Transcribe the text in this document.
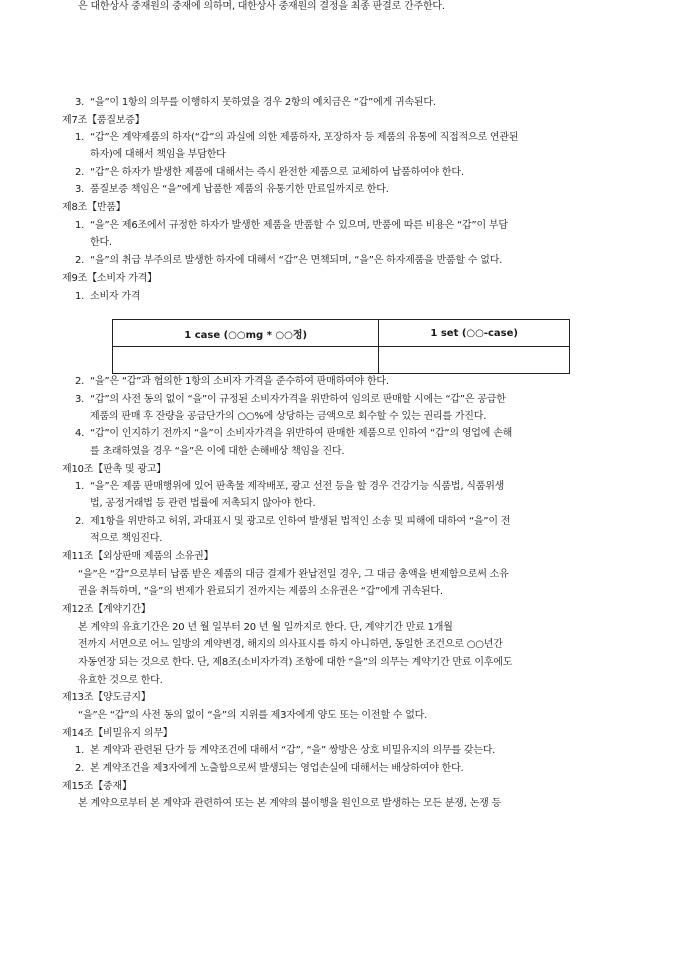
1 case (○○mg * ○○정)	1 set (○○-case)

3. “을”이 1항의 의무를 이행하지 못하였을 경우 2항의 예치금은 “갑”에게 귀속된다.
제7조【품질보증】
1. “갑”은 계약제품의 하자(“갑”의 과실에 의한 제품하자, 포장하자 등 제품의 유통에 직접적으로 연관된
하자)에 대해서 책임을 부담한다
2. “갑”은 하자가 발생한 제품에 대해서는 즉시 완전한 제품으로 교체하여 납품하여야 한다.
3. 품질보증 책임은 “을”에게 납품한 제품의 유통기한 만료일까지로 한다.
제8조【반품】
1. “을”은 제6조에서 규정한 하자가 발생한 제품을 반품할 수 있으며, 반품에 따른 비용은 “갑”이 부담
한다.
2. “을”의 취급 부주의로 발생한 하자에 대해서 “갑”은 면책되며, “을”은 하자제품을 반품할 수 없다.
제9조【소비자 가격】
1. 소비자 가격
2. “을”은 “갑”과 협의한 1항의 소비자 가격을 준수하여 판매하여야 한다.
3. “갑”의 사전 동의 없이 “을”이 규정된 소비자가격을 위반하여 임의로 판매할 시에는 “갑”은 공급한
제품의 판매 후 잔량을 공급단가의 ○○%에 상당하는 금액으로 회수할 수 있는 권리를 가진다.
4. “갑”이 인지하기 전까지 “을”이 소비자가격을 위반하여 판매한 제품으로 인하여 “갑”의 영업에 손해
를 초래하였을 경우 “을”은 이에 대한 손해배상 책임을 진다.
제10조【판촉 및 광고】
1. “을”은 제품 판매행위에 있어 판촉물 제작배포, 광고 선전 등을 할 경우 건강기능 식품법, 식품위생
법, 공정거래법 등 관련 법률에 저촉되지 않아야 한다.
2. 제1항을 위반하고 허위, 과대표시 및 광고로 인하여 발생된 법적인 소송 및 피해에 대하여 “을”이 전
적으로 책임진다.
제11조【외상판매 제품의 소유권】
“을”은 “갑”으로부터 납품 받은 제품의 대금 결제가 완납전일 경우, 그 대금 총액을 변제함으로써 소유
권을 취득하며, “을”의 변제가 완료되기 전까지는 제품의 소유권은 “갑”에게 귀속된다.
제12조【계약기간】
본 계약의 유효기간은 20 년 월 일부터 20 년 월 일까지로 한다. 단, 계약기간 만료 1개월
전까지 서면으로 어느 일방의 계약변경, 해지의 의사표시를 하지 아니하면, 동일한 조건으로 ○○년간
자동연장 되는 것으로 한다. 단, 제8조(소비자가격) 조항에 대한 “을”의 의무는 계약기간 만료 이후에도
유효한 것으로 한다.
제13조【양도금지】
“을”은 “갑”의 사전 동의 없이 “을”의 지위를 제3자에게 양도 또는 이전할 수 없다.
제14조【비밀유지 의무】
1. 본 계약과 관련된 단가 등 계약조건에 대해서 “갑”, “을” 쌍방은 상호 비밀유지의 의무를 갖는다.
2. 본 계약조건을 제3자에게 노출함으로써 발생되는 영업손실에 대해서는 배상하여야 한다.
제15조【중재】
본 계약으로부터 본 계약과 관련하여 또는 본 계약의 불이행을 원인으로 발생하는 모든 분쟁, 논쟁 등
은 대한상사 중재원의 중재에 의하며, 대한상사 중재원의 결정을 최종 판결로 간주한다.
